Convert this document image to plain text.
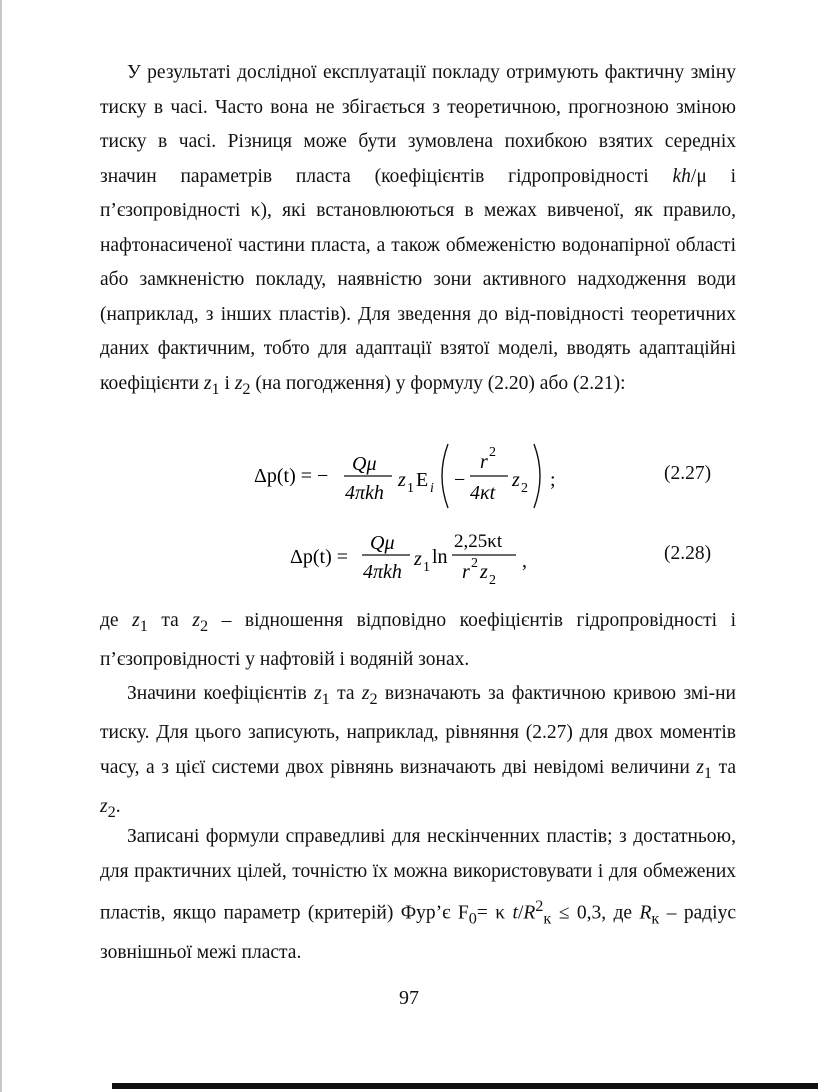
У результаті дослідної експлуатації покладу отримують фактичну зміну тиску в часі. Часто вона не збігається з теоретичною, прогнозною зміною тиску в часі. Різниця може бути зумовлена похибкою взятих середніх значин параметрів пласта (коефіцієнтів гідропровідності kh/μ і п’єзопровідності κ), які встановлюються в межах вивченої, як правило, нафтонасиченої частини пласта, а також обмеженістю водонапірної області або замкненістю покладу, наявністю зони активного надходження води (наприклад, з інших пластів). Для зведення до від-повідності теоретичних даних фактичним, тобто для адаптації взятої моделі, вводять адаптаційні коефіцієнти $z_1$ і $z_2$ (на погодження) у формулу (2.20) або (2.21):
Δp(t) = −
Qμ
4πkh
z 1 E i −
r 2
4κt
z 2 ;	(2.27)
Δp(t) =
Qμ
4πkh
z 1 ln
2,25κt
r 2 z 2
,	(2.28)
де $z_1$ та $z_2$ – відношення відповідно коефіцієнтів гідропровідності і п’єзопровідності у нафтовій і водяній зонах.
Значини коефіцієнтів $z_1$ та $z_2$ визначають за фактичною кривою змі-ни тиску. Для цього записують, наприклад, рівняння (2.27) для двох моментів часу, а з цієї системи двох рівнянь визначають дві невідомі величини $z_1$ та $z_2$.
Записані формули справедливі для нескінченних пластів; з достатньою, для практичних цілей, точністю їх можна використовувати і для обмежених пластів, якщо параметр (критерій) Фур’є $F_0= \kappa$ $t/R^2_к \le 0,3$, де $R_к$ – радіус зовнішньої межі пласта.
97
